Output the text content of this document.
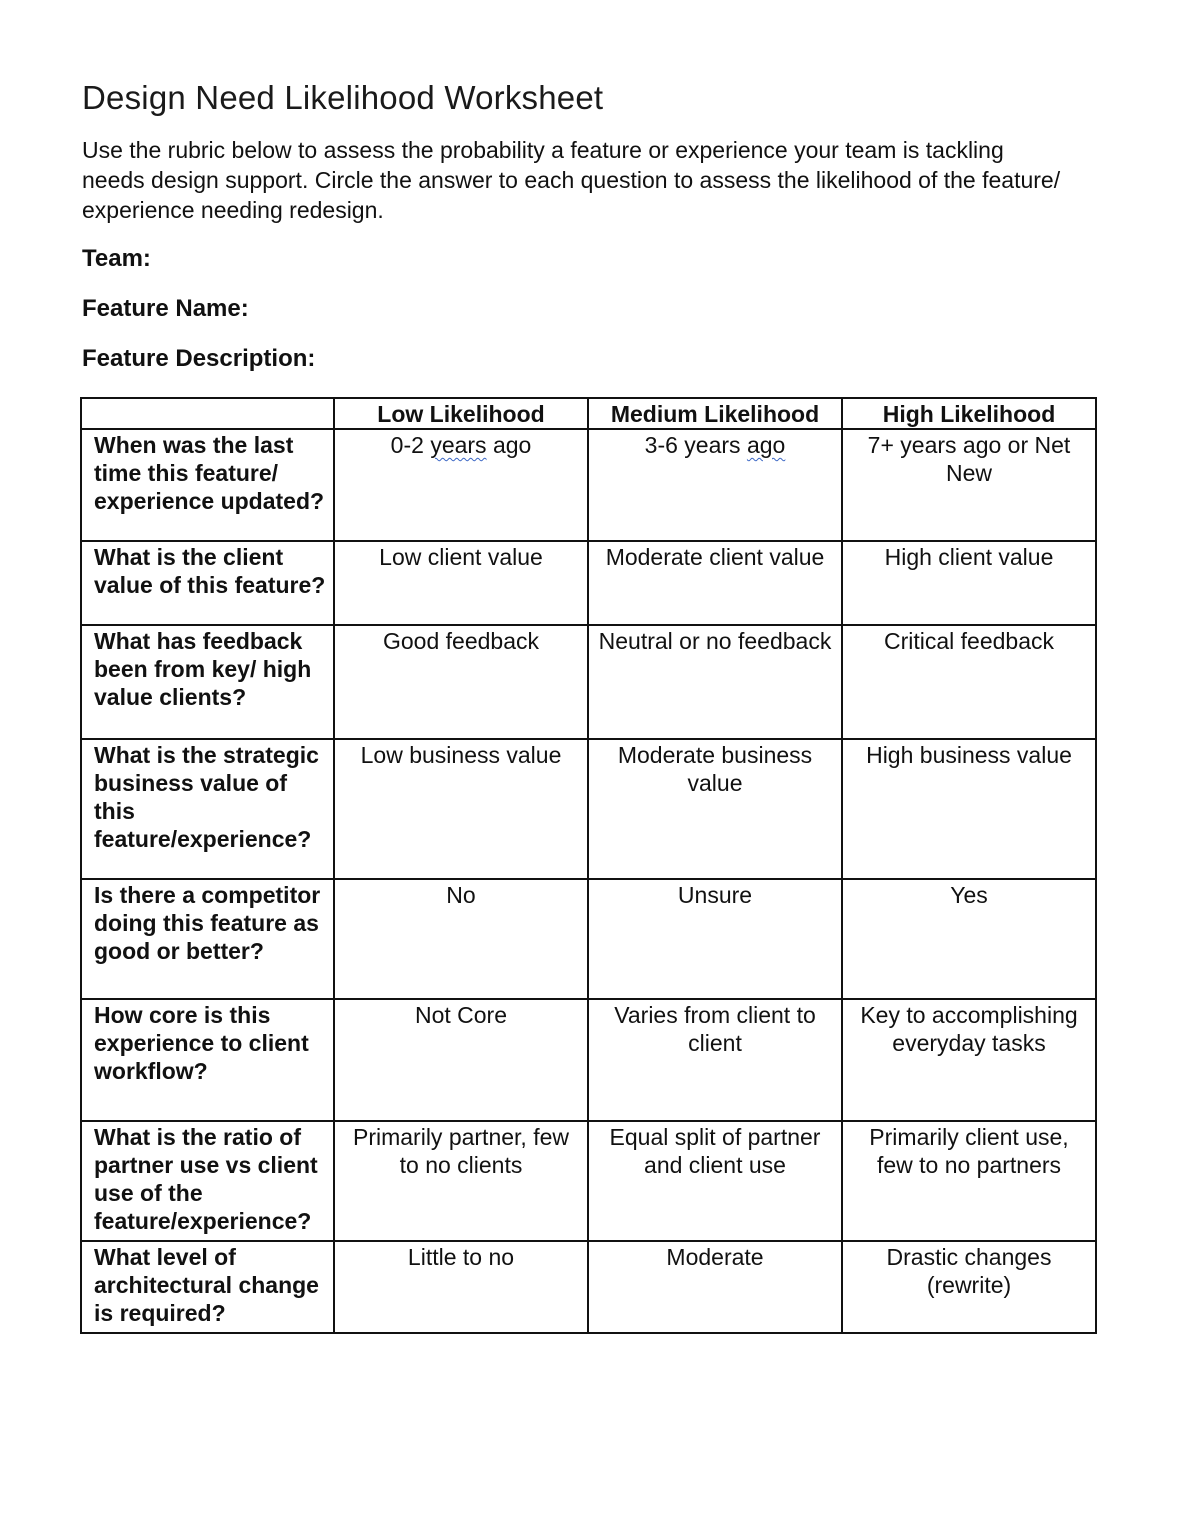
Design Need Likelihood Worksheet

Use the rubric below to assess the probability a feature or experience your team is tackling needs design support. Circle the answer to each question to assess the likelihood of the feature/ experience needing redesign.

Team:

Feature Name:

Feature Description:

	Low Likelihood	Medium Likelihood	High Likelihood
When was the last time this feature/ experience updated?	0-2 years ago	3-6 years ago	7+ years ago or Net New
What is the client value of this feature?	Low client value	Moderate client value	High client value
What has feedback been from key/ high value clients?	Good feedback	Neutral or no feedback	Critical feedback
What is the strategic business value of this feature/experience?	Low business value	Moderate business value	High business value
Is there a competitor doing this feature as good or better?	No	Unsure	Yes
How core is this experience to client workflow?	Not Core	Varies from client to client	Key to accomplishing everyday tasks
What is the ratio of partner use vs client use of the feature/experience?	Primarily partner, few to no clients	Equal split of partner and client use	Primarily client use, few to no partners
What level of architectural change is required?	Little to no	Moderate	Drastic changes (rewrite)
